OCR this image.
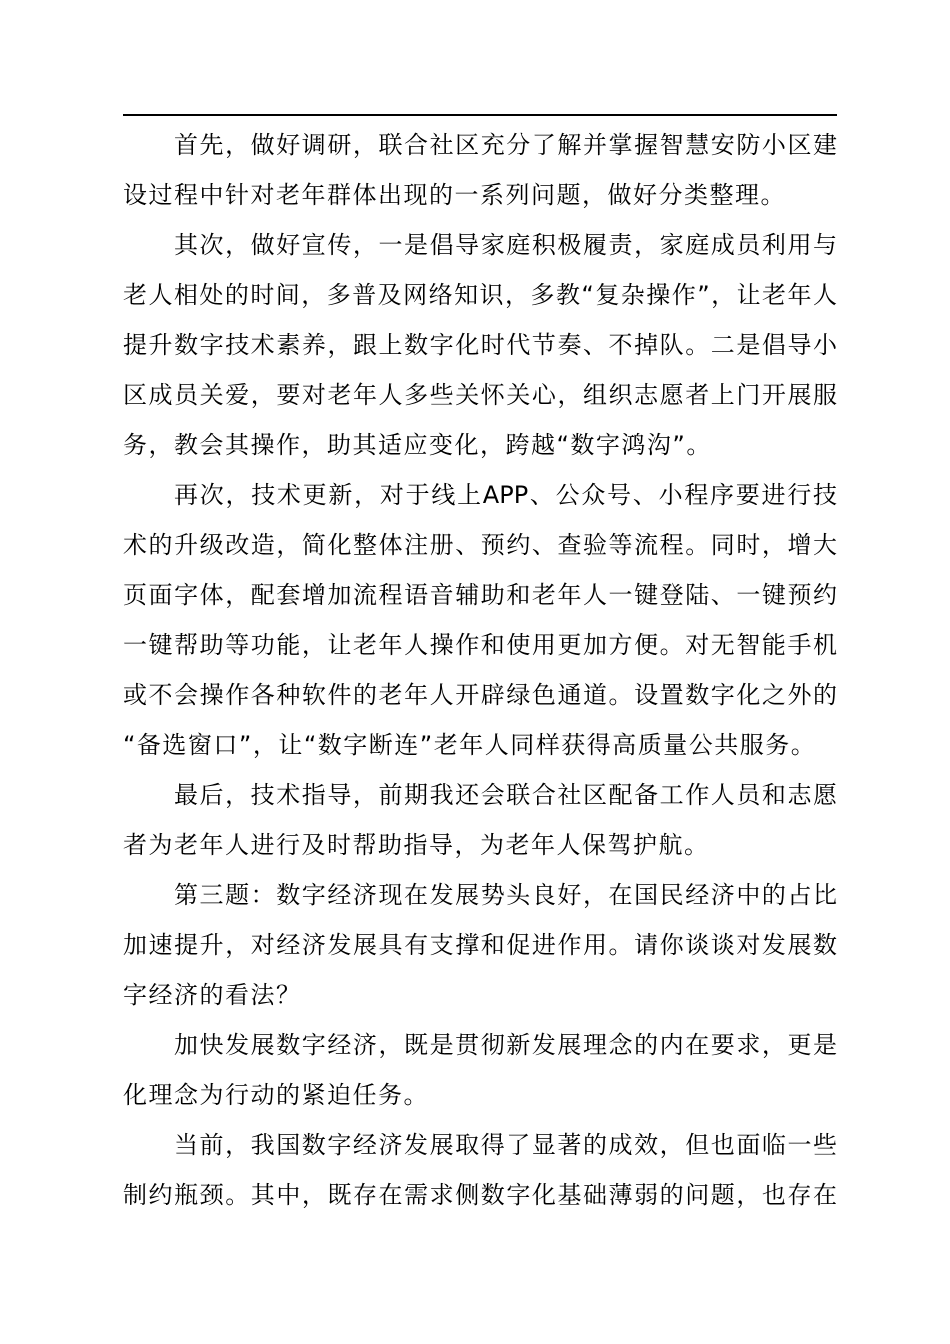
首先，做好调研，联合社区充分了解并掌握智慧安防小区建
设过程中针对老年群体出现的一系列问题，做好分类整理。
其次，做好宣传，一是倡导家庭积极履责，家庭成员利用与
老人相处的时间，多普及网络知识，多教“复杂操作”，让老年人
提升数字技术素养，跟上数字化时代节奏、不掉队。二是倡导小
区成员关爱，要对老年人多些关怀关心，组织志愿者上门开展服
务，教会其操作，助其适应变化，跨越“数字鸿沟”。
再次，技术更新，对于线上APP、公众号、小程序要进行技
术的升级改造，简化整体注册、预约、查验等流程。同时，增大
页面字体，配套增加流程语音辅助和老年人一键登陆、一键预约
一键帮助等功能，让老年人操作和使用更加方便。对无智能手机
或不会操作各种软件的老年人开辟绿色通道。设置数字化之外的
“备选窗口”，让“数字断连”老年人同样获得高质量公共服务。
最后，技术指导，前期我还会联合社区配备工作人员和志愿
者为老年人进行及时帮助指导，为老年人保驾护航。
第三题：数字经济现在发展势头良好，在国民经济中的占比
加速提升，对经济发展具有支撑和促进作用。请你谈谈对发展数
字经济的看法？
加快发展数字经济，既是贯彻新发展理念的内在要求，更是
化理念为行动的紧迫任务。
当前，我国数字经济发展取得了显著的成效，但也面临一些
制约瓶颈。其中，既存在需求侧数字化基础薄弱的问题，也存在
